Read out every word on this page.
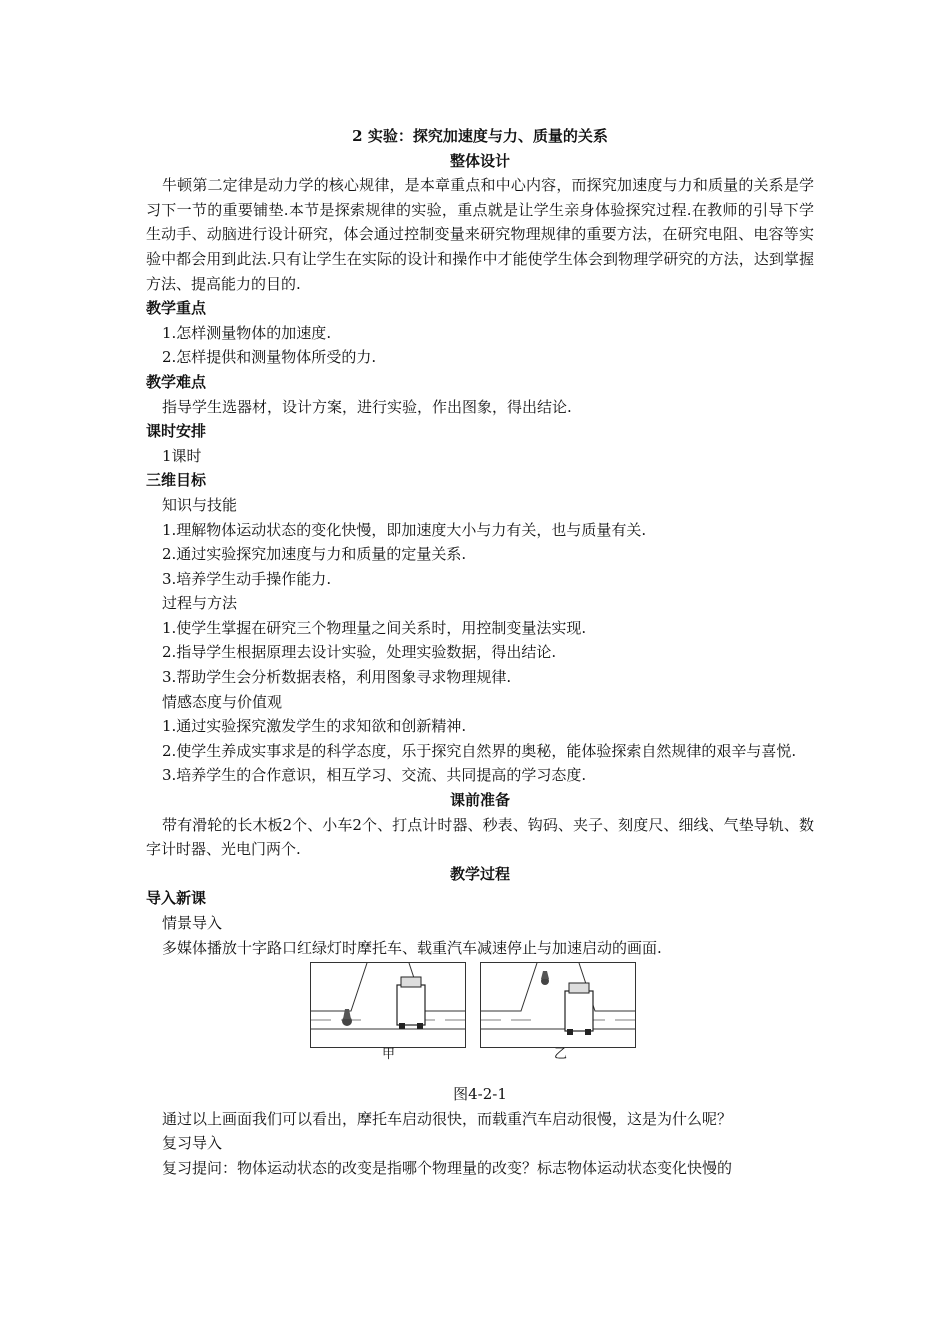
2 实验：探究加速度与力、质量的关系

整体设计

牛顿第二定律是动力学的核心规律，是本章重点和中心内容，而探究加速度与力和质量的关系是学习下一节的重要铺垫.本节是探索规律的实验，重点就是让学生亲身体验探究过程.在教师的引导下学生动手、动脑进行设计研究，体会通过控制变量来研究物理规律的重要方法，在研究电阻、电容等实验中都会用到此法.只有让学生在实际的设计和操作中才能使学生体会到物理学研究的方法，达到掌握方法、提高能力的目的.

教学重点

1.怎样测量物体的加速度.

2.怎样提供和测量物体所受的力.

教学难点

指导学生选器材，设计方案，进行实验，作出图象，得出结论.

课时安排

1课时

三维目标

知识与技能

1.理解物体运动状态的变化快慢，即加速度大小与力有关，也与质量有关.

2.通过实验探究加速度与力和质量的定量关系.

3.培养学生动手操作能力.

过程与方法

1.使学生掌握在研究三个物理量之间关系时，用控制变量法实现.

2.指导学生根据原理去设计实验，处理实验数据，得出结论.

3.帮助学生会分析数据表格，利用图象寻求物理规律.

情感态度与价值观

1.通过实验探究激发学生的求知欲和创新精神.

2.使学生养成实事求是的科学态度，乐于探究自然界的奥秘，能体验探索自然规律的艰辛与喜悦.

3.培养学生的合作意识，相互学习、交流、共同提高的学习态度.

课前准备

带有滑轮的长木板2个、小车2个、打点计时器、秒表、钩码、夹子、刻度尺、细线、气垫导轨、数字计时器、光电门两个.

教学过程

导入新课

情景导入

多媒体播放十字路口红绿灯时摩托车、载重汽车减速停止与加速启动的画面.

甲	乙

图4-2-1

通过以上画面我们可以看出，摩托车启动很快，而载重汽车启动很慢，这是为什么呢？

复习导入

复习提问：物体运动状态的改变是指哪个物理量的改变？标志物体运动状态变化快慢的
